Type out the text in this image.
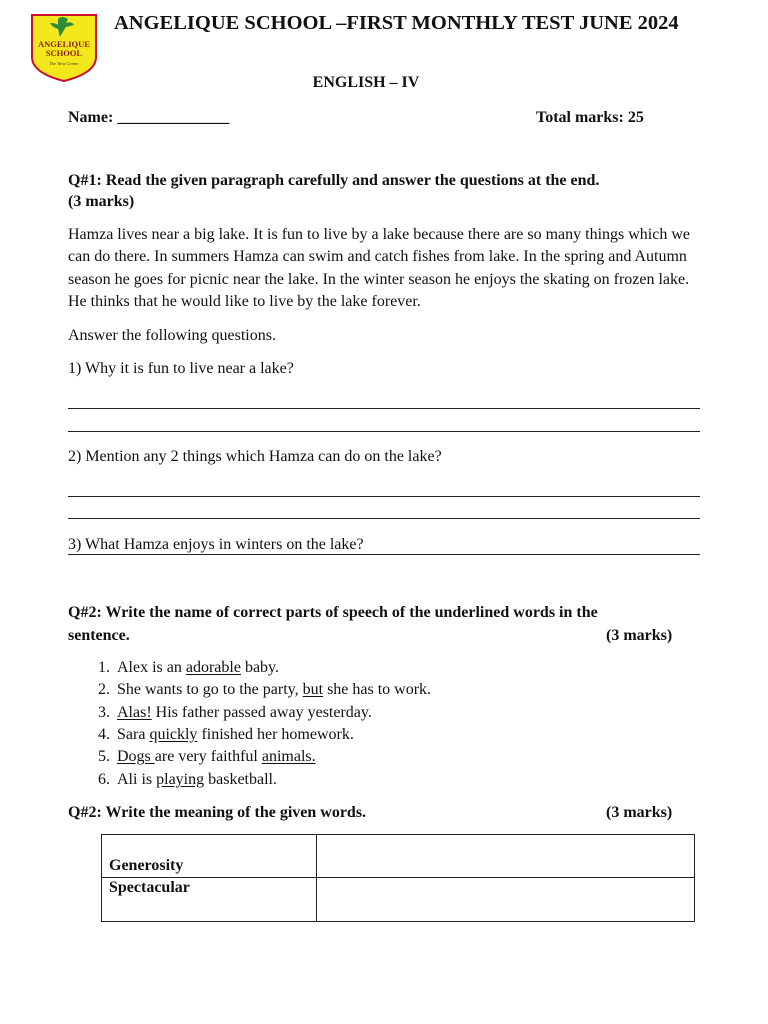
ANGELIQUE
SCHOOL
The New Centre
ANGELIQUE SCHOOL –FIRST MONTHLY TEST JUNE 2024
ENGLISH – IV
Name: ______________	Total marks: 25
Q#1: Read the given paragraph carefully and answer the questions at the end.
(3 marks)
Hamza lives near a big lake. It is fun to live by a lake because there are so many things which we can do there. In summers Hamza can swim and catch fishes from lake. In the spring and Autumn season he goes for picnic near the lake. In the winter season he enjoys the skating on frozen lake. He thinks that he would like to live by the lake forever.
Answer the following questions.
1) Why it is fun to live near a lake?
2) Mention any 2 things which Hamza can do on the lake?
3) What Hamza enjoys in winters on the lake?
Q#2: Write the name of correct parts of speech of the underlined words in the
sentence.	(3 marks)
1. Alex is an adorable baby.
2. She wants to go to the party, but she has to work.
3. Alas! His father passed away yesterday.
4. Sara quickly finished her homework.
5. Dogs are very faithful animals.
6. Ali is playing basketball.
Q#2: Write the meaning of the given words.	(3 marks)
Generosity	
Spectacular	
